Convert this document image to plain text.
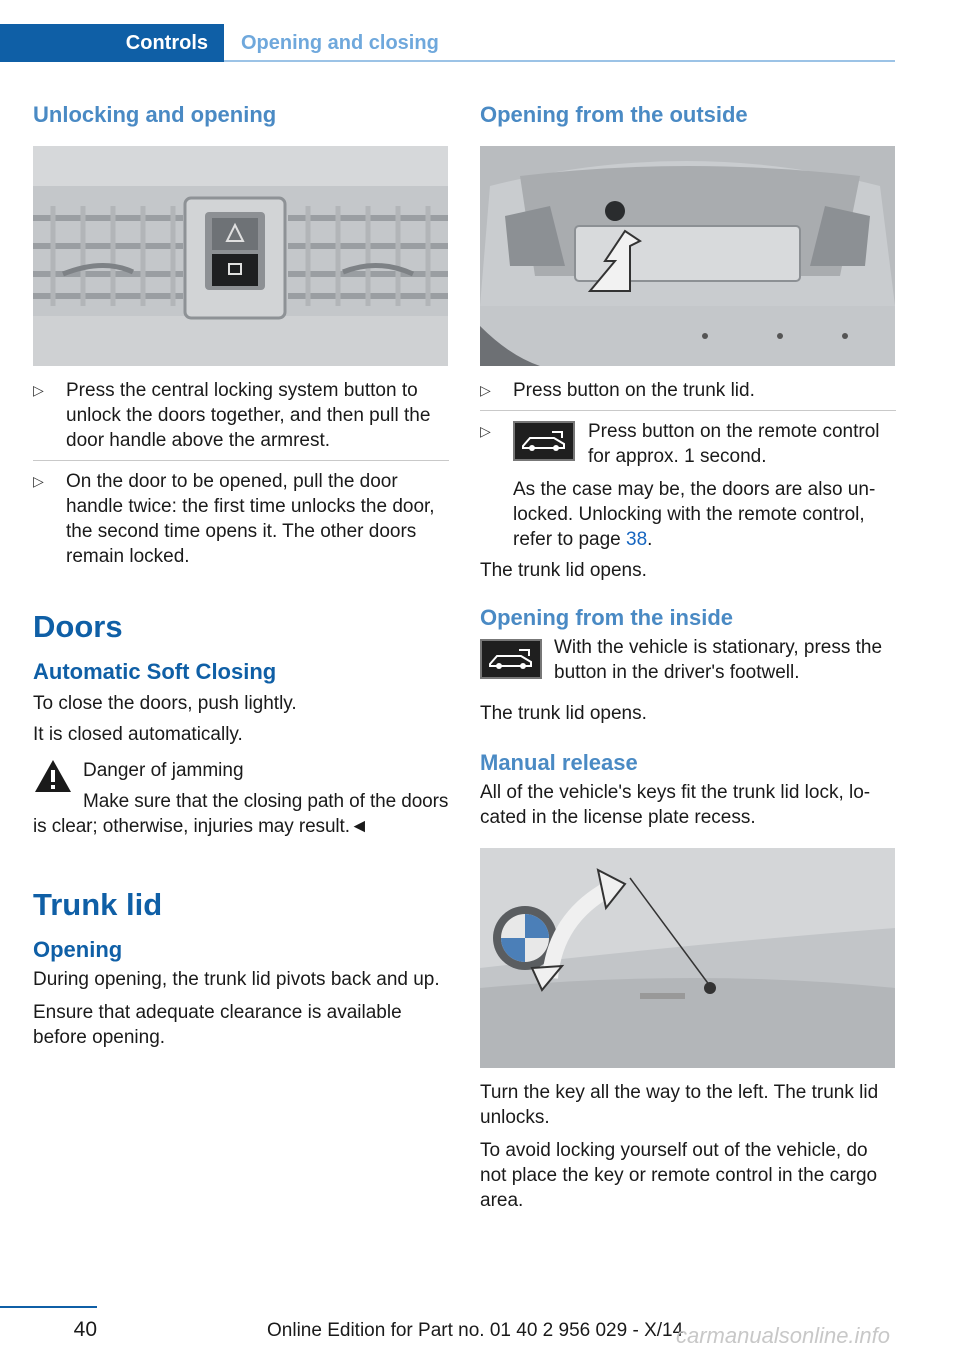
Controls	Opening and closing
Unlocking and opening
▷ Press the central locking system button to unlock the doors together, and then pull the door handle above the armrest.
▷ On the door to be opened, pull the door handle twice: the first time unlocks the door, the second time opens it. The other doors remain locked.
Doors
Automatic Soft Closing

To close the doors, push lightly.

It is closed automatically.

Danger of jamming

Make sure that the closing path of the doors is clear; otherwise, injuries may result.◄

Trunk lid
Opening

During opening, the trunk lid pivots back and up.

Ensure that adequate clearance is available before opening.

Opening from the outside
▷ Press button on the trunk lid.
▷	Press button on the remote control for approx. 1 second.

As the case may be, the doors are also unlocked. Unlocking with the remote control, refer to page 38.

The trunk lid opens.

Opening from the inside

With the vehicle is stationary, press the button in the driver's footwell.

The trunk lid opens.

Manual release

All of the vehicle's keys fit the trunk lid lock, located in the license plate recess.

Turn the key all the way to the left. The trunk lid unlocks.

To avoid locking yourself out of the vehicle, do not place the key or remote control in the cargo area.

40	Online Edition for Part no. 01 40 2 956 029 - X/14
carmanualsonline.info
